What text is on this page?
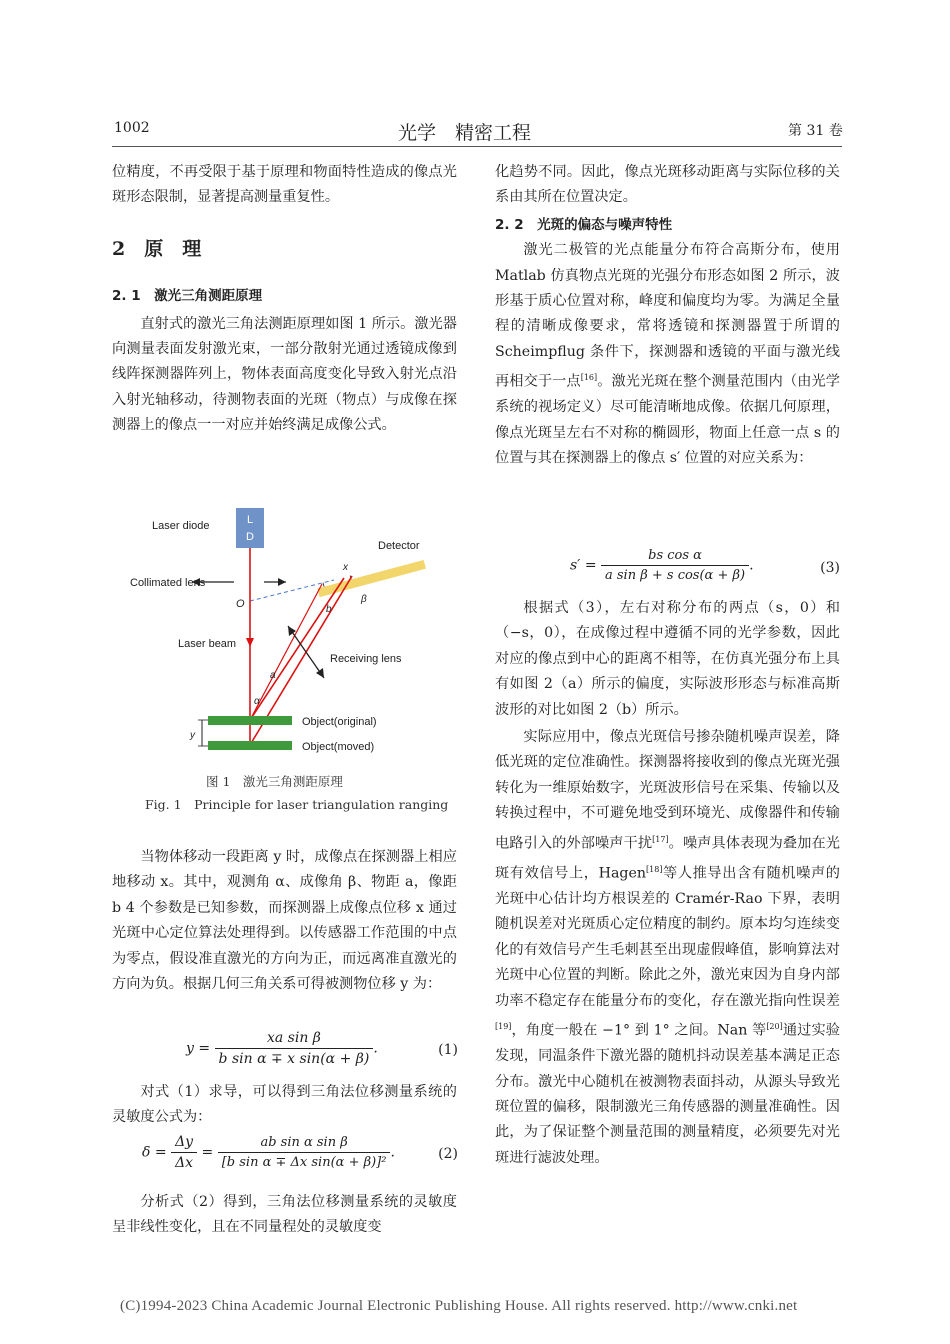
1002	光学　精密工程	第 31 卷

位精度，不再受限于基于原理和物面特性造成的像点光斑形态限制，显著提高测量重复性。

2　原　理

2. 1　激光三角测距原理

直射式的激光三角法测距原理如图 1 所示。激光器向测量表面发射激光束，一部分散射光通过透镜成像到线阵探测器阵列上，物体表面高度变化导致入射光点沿入射光轴移动，待测物表面的光斑（物点）与成像在探测器上的像点一一对应并始终满足成像公式。

L
D
Laser diode
Detector
x
Collimated lens
O
Laser beam
Receiving lens
b
β
a
α
Object(original)
Object(moved)
y
图 1　激光三角测距原理
Fig. 1　Principle for laser triangulation ranging

当物体移动一段距离 y 时，成像点在探测器上相应地移动 x。其中，观测角 α、成像角 β、物距 a，像距 b 4 个参数是已知参数，而探测器上成像点位移 x 通过光斑中心定位算法处理得到。以传感器工作范围的中点为零点，假设准直激光的方向为正，而远离准直激光的方向为负。根据几何三角关系可得被测物位移 y 为：

$y = \frac{\text{xa sin β}}{\text{b sin α ∓ x sin(α + β)}}$ .	(1)

对式（1）求导，可以得到三角法位移测量系统的灵敏度公式为：

$\delta = \frac{\Delta y}{\Delta x} = \frac{\text{ab sin α sin β}}{\text{[b sin α ∓ Δx sin(α + β)]²}}$ .	(2)

分析式（2）得到，三角法位移测量系统的灵敏度呈非线性变化，且在不同量程处的灵敏度变

化趋势不同。因此，像点光斑移动距离与实际位移的关系由其所在位置决定。

2. 2　光斑的偏态与噪声特性

激光二极管的光点能量分布符合高斯分布，使用 Matlab 仿真物点光斑的光强分布形态如图 2 所示，波形基于质心位置对称，峰度和偏度均为零。为满足全量程的清晰成像要求，常将透镜和探测器置于所谓的 Scheimpflug 条件下，探测器和透镜的平面与激光线再相交于一点[16]。激光光斑在整个测量范围内（由光学系统的视场定义）尽可能清晰地成像。依据几何原理，像点光斑呈左右不对称的椭圆形，物面上任意一点 s 的位置与其在探测器上的像点 s′ 位置的对应关系为：

$s' = \frac{\text{bs cos α}}{\text{a sin β + s cos(α + β)}}$ .	(3)

根据式（3），左右对称分布的两点（s，0）和（−s，0），在成像过程中遵循不同的光学参数，因此对应的像点到中心的距离不相等，在仿真光强分布上具有如图 2（a）所示的偏度，实际波形形态与标准高斯波形的对比如图 2（b）所示。

实际应用中，像点光斑信号掺杂随机噪声误差，降低光斑的定位准确性。探测器将接收到的像点光斑光强转化为一维原始数字，光斑波形信号在采集、传输以及转换过程中，不可避免地受到环境光、成像器件和传输电路引入的外部噪声干扰[17]。噪声具体表现为叠加在光斑有效信号上，Hagen[18]等人推导出含有随机噪声的光斑中心估计均方根误差的 Cramér-Rao 下界，表明随机误差对光斑质心定位精度的制约。原本均匀连续变化的有效信号产生毛刺甚至出现虚假峰值，影响算法对光斑中心位置的判断。除此之外，激光束因为自身内部功率不稳定存在能量分布的变化，存在激光指向性误差[19]，角度一般在 −1° 到 1° 之间。Nan 等[20]通过实验发现，同温条件下激光器的随机抖动误差基本满足正态分布。激光中心随机在被测物表面抖动，从源头导致光斑位置的偏移，限制激光三角传感器的测量准确性。因此，为了保证整个测量范围的测量精度，必须要先对光斑进行滤波处理。

(C)1994-2023 China Academic Journal Electronic Publishing House. All rights reserved. http://www.cnki.net
